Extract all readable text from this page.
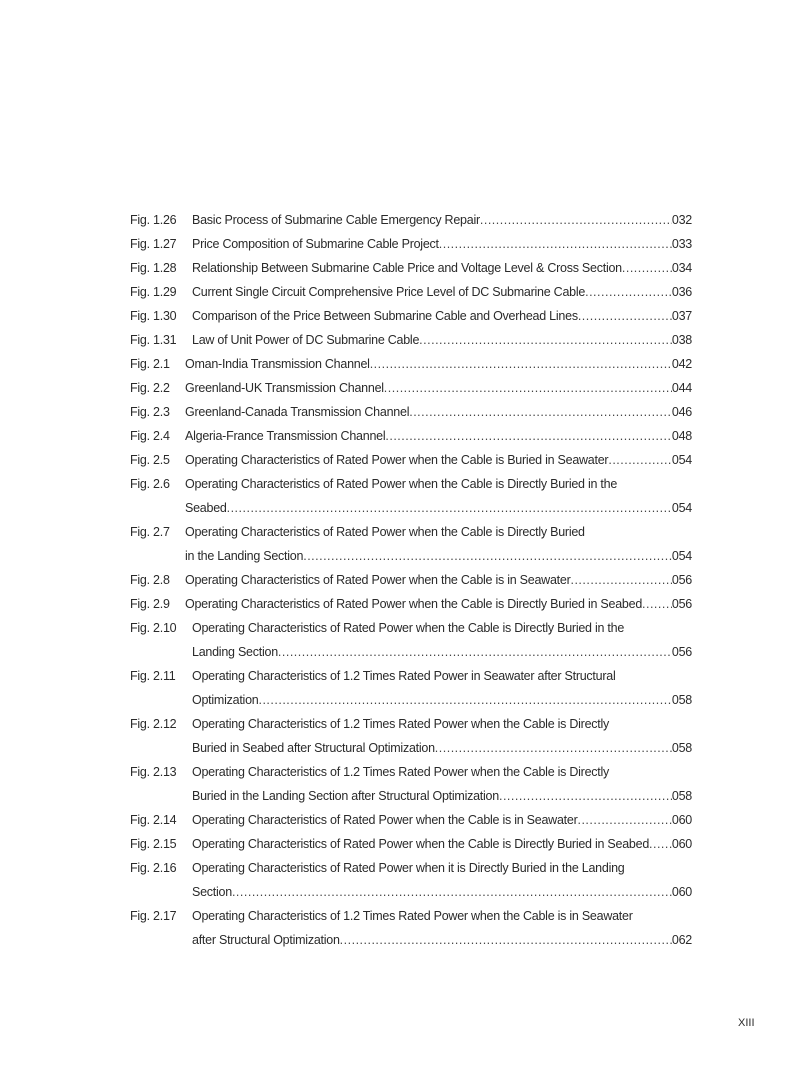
Fig. 1.26 Basic Process of Submarine Cable Emergency Repair .....	032
Fig. 1.27 Price Composition of Submarine Cable Project .....	033
Fig. 1.28 Relationship Between Submarine Cable Price and Voltage Level & Cross Section .....	034
Fig. 1.29 Current Single Circuit Comprehensive Price Level of DC Submarine Cable .....	036
Fig. 1.30 Comparison of the Price Between Submarine Cable and Overhead Lines .....	037
Fig. 1.31 Law of Unit Power of DC Submarine Cable .....	038
Fig. 2.1 Oman-India Transmission Channel .....	042
Fig. 2.2 Greenland-UK Transmission Channel .....	044
Fig. 2.3 Greenland-Canada Transmission Channel .....	046
Fig. 2.4 Algeria-France Transmission Channel .....	048
Fig. 2.5 Operating Characteristics of Rated Power when the Cable is Buried in Seawater .....	054
Fig. 2.6 Operating Characteristics of Rated Power when the Cable is Directly Buried in the
Seabed .....	054
Fig. 2.7 Operating Characteristics of Rated Power when the Cable is Directly Buried
in the Landing Section .....	054
Fig. 2.8 Operating Characteristics of Rated Power when the Cable is in Seawater .....	056
Fig. 2.9 Operating Characteristics of Rated Power when the Cable is Directly Buried in Seabed ..... 056
Fig. 2.10 Operating Characteristics of Rated Power when the Cable is Directly Buried in the
Landing Section .....	056
Fig. 2.11 Operating Characteristics of 1.2 Times Rated Power in Seawater after Structural
Optimization .....	058
Fig. 2.12 Operating Characteristics of 1.2 Times Rated Power when the Cable is Directly
Buried in Seabed after Structural Optimization .....	058
Fig. 2.13 Operating Characteristics of 1.2 Times Rated Power when the Cable is Directly
Buried in the Landing Section after Structural Optimization .....	058
Fig. 2.14 Operating Characteristics of Rated Power when the Cable is in Seawater .....	060
Fig. 2.15 Operating Characteristics of Rated Power when the Cable is Directly Buried in Seabed ..... 060
Fig. 2.16 Operating Characteristics of Rated Power when it is Directly Buried in the Landing
Section .....	060
Fig. 2.17 Operating Characteristics of 1.2 Times Rated Power when the Cable is in Seawater
after Structural Optimization .....	062
XIII
